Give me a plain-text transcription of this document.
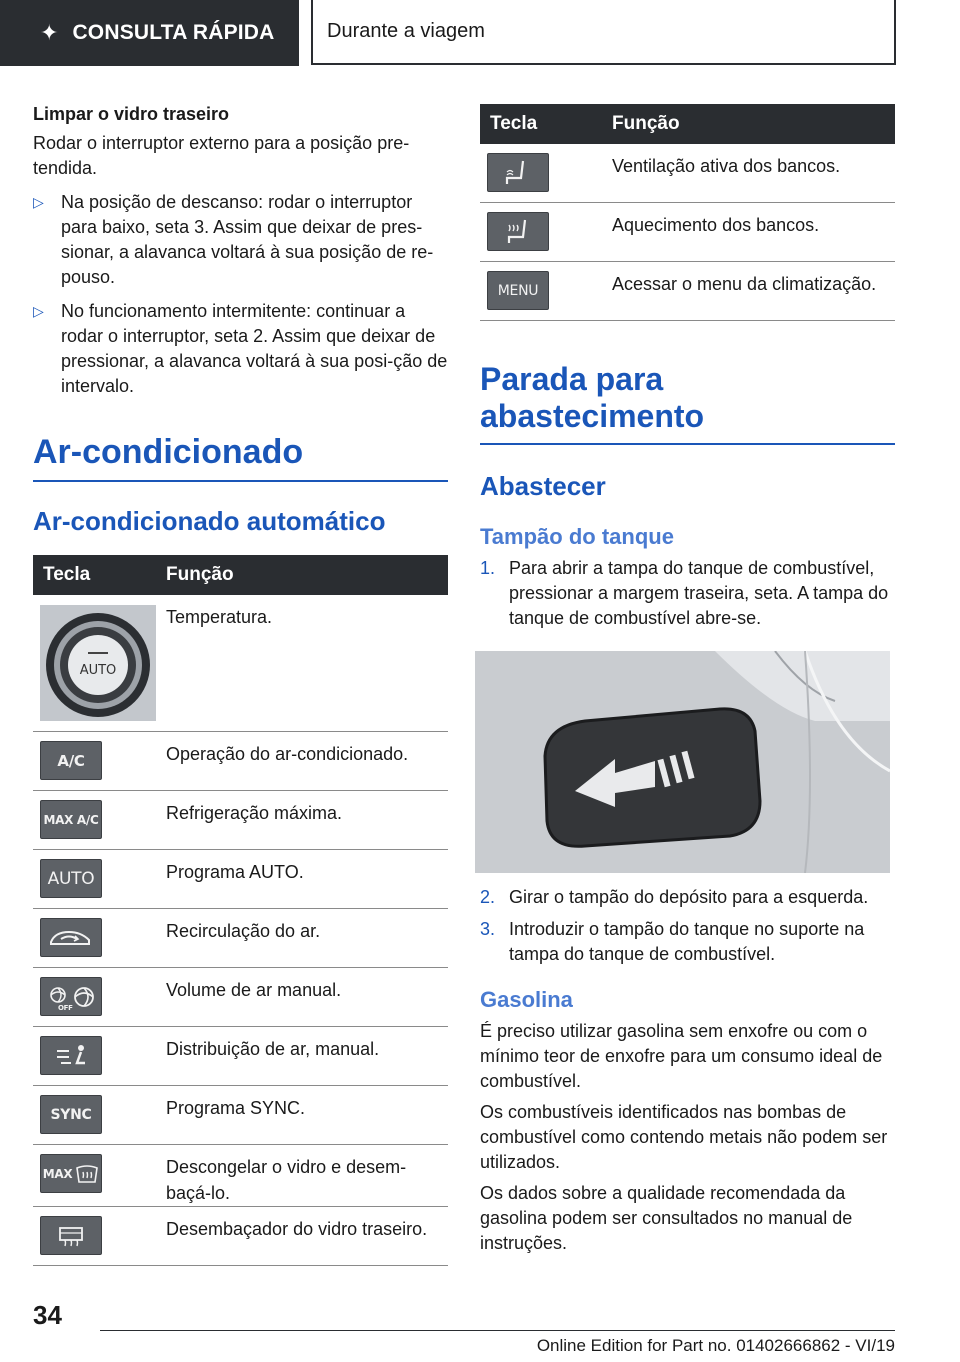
✦ CONSULTA RÁPIDA	Durante a viagem
Limpar o vidro traseiro
Rodar o interruptor externo para a posição pre-tendida.
▷ Na posição de descanso: rodar o interruptor para baixo, seta 3. Assim que deixar de pres-sionar, a alavanca voltará à sua posição de re-pouso.
▷ No funcionamento intermitente: continuar a rodar o interruptor, seta 2. Assim que deixar de pressionar, a alavanca voltará à sua posi-ção de intervalo.
Ar-condicionado
Ar-condicionado automático
Tecla	Função

AUTO	Temperatura.

A/C	Operação do ar-condicionado.

MAX A/C	Refrigeração máxima.

AUTO	Programa AUTO.

	Recirculação do ar.

OFF	Volume de ar manual.

	Distribuição de ar, manual.

SYNC	Programa SYNC.

MAX	Descongelar o vidro e desem-baçá-lo.

	Desembaçador do vidro traseiro.
Tecla	Função

	Ventilação ativa dos bancos.

	Aquecimento dos bancos.

MENU	Acessar o menu da climatização.
Parada para abastecimento
Abastecer
Tampão do tanque
1. Para abrir a tampa do tanque de combustível, pressionar a margem traseira, seta. A tampa do tanque de combustível abre-se.
2. Girar o tampão do depósito para a esquerda.
3. Introduzir o tampão do tanque no suporte na tampa do tanque de combustível.
Gasolina
É preciso utilizar gasolina sem enxofre ou com o mínimo teor de enxofre para um consumo ideal de combustível.
Os combustíveis identificados nas bombas de combustível como contendo metais não podem ser utilizados.
Os dados sobre a qualidade recomendada da gasolina podem ser consultados no manual de instruções.
34
Online Edition for Part no. 01402666862 - VI/19
